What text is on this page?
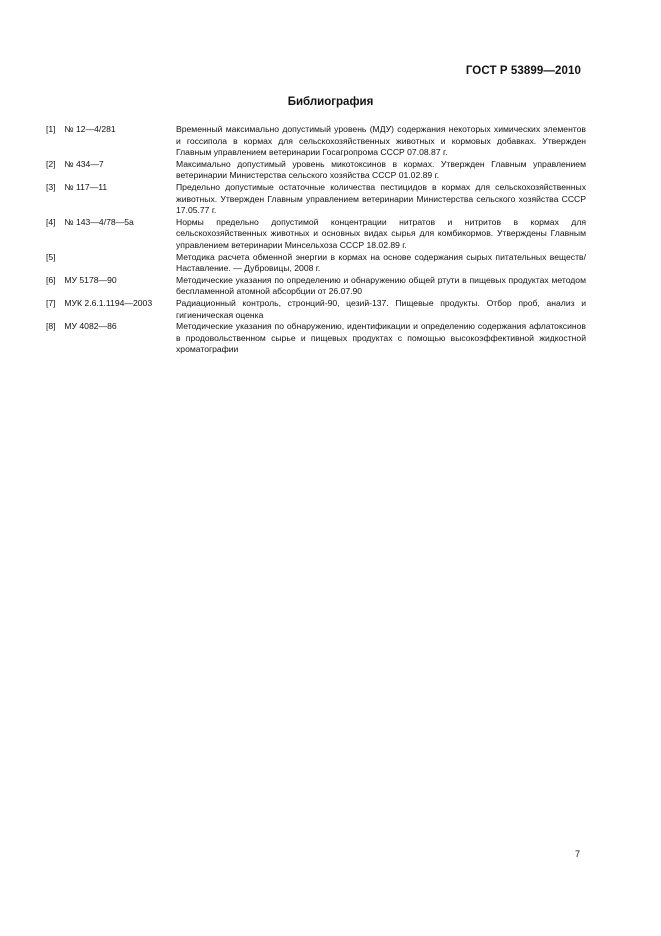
ГОСТ Р 53899—2010
Библиография
[1] № 12—4/281	Временный максимально допустимый уровень (МДУ) содержания некоторых химических элементов и госсипола в кормах для сельскохозяйственных животных и кормовых добавках. Утвержден Главным управлением ветеринарии Госагропрома СССР 07.08.87 г.
[2] № 434—7	Максимально допустимый уровень микотоксинов в кормах. Утвержден Главным управлением ветеринарии Министерства сельского хозяйства СССР 01.02.89 г.
[3] № 117—11	Предельно допустимые остаточные количества пестицидов в кормах для сельскохозяйственных животных. Утвержден Главным управлением ветеринарии Министерства сельского хозяйства СССР 17.05.77 г.
[4] № 143—4/78—5а	Нормы предельно допустимой концентрации нитратов и нитритов в кормах для сельскохозяйственных животных и основных видах сырья для комбикормов. Утверждены Главным управлением ветеринарии Минсельхоза СССР 18.02.89 г.
[5]	Методика расчета обменной энергии в кормах на основе содержания сырых питательных веществ/Наставление. — Дубровицы, 2008 г.
[6] МУ 5178—90	Методические указания по определению и обнаружению общей ртути в пищевых продуктах методом беспламенной атомной абсорбции от 26.07.90
[7] МУК 2.6.1.1194—2003	Радиационный контроль, стронций-90, цезий-137. Пищевые продукты. Отбор проб, анализ и гигиеническая оценка
[8] МУ 4082—86	Методические указания по обнаружению, идентификации и определению содержания афлатоксинов в продовольственном сырье и пищевых продуктах с помощью высокоэффективной жидкостной хроматографии
7
